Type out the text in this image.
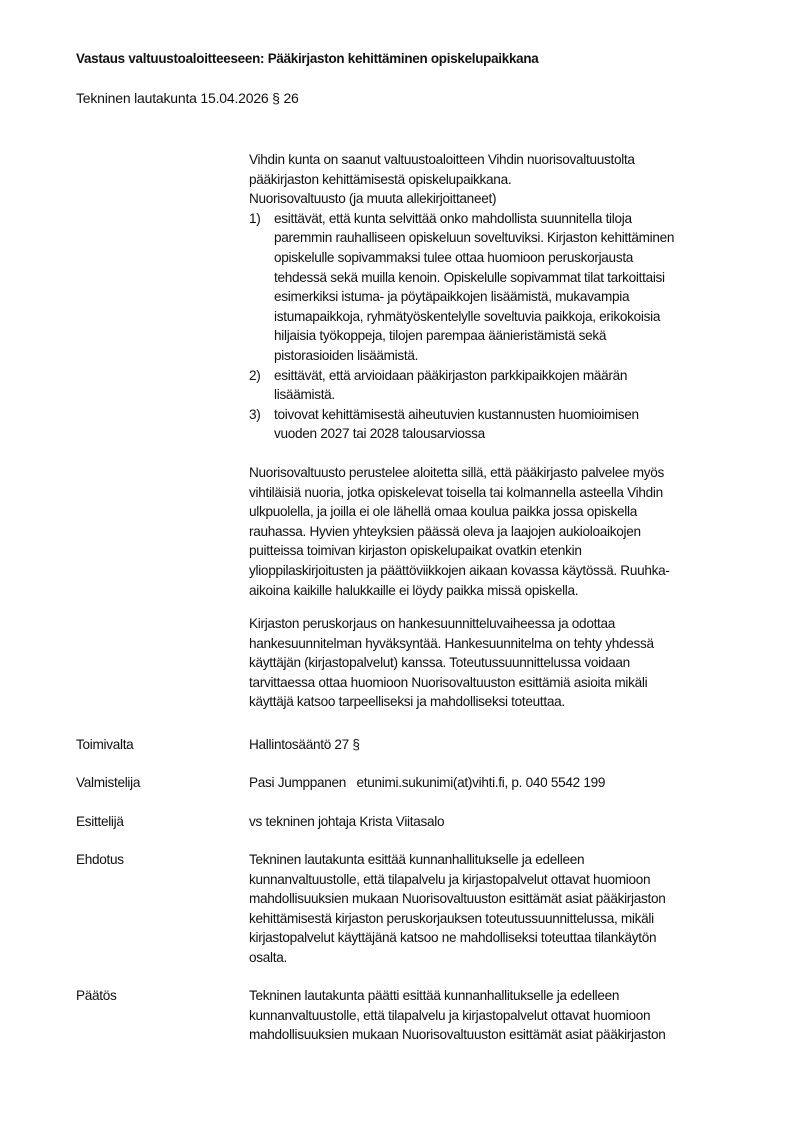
Vastaus valtuustoaloitteeseen: Pääkirjaston kehittäminen opiskelupaikkana
Tekninen lautakunta 15.04.2026 § 26
Vihdin kunta on saanut valtuustoaloitteen Vihdin nuorisovaltuustolta
pääkirjaston kehittämisestä opiskelupaikkana.
Nuorisovaltuusto (ja muuta allekirjoittaneet)
1) esittävät, että kunta selvittää onko mahdollista suunnitella tiloja
paremmin rauhalliseen opiskeluun soveltuviksi. Kirjaston kehittäminen
opiskelulle sopivammaksi tulee ottaa huomioon peruskorjausta
tehdessä sekä muilla kenoin. Opiskelulle sopivammat tilat tarkoittaisi
esimerkiksi istuma- ja pöytäpaikkojen lisäämistä, mukavampia
istumapaikkoja, ryhmätyöskentelylle soveltuvia paikkoja, erikokoisia
hiljaisia työkoppeja, tilojen parempaa äänieristämistä sekä
pistorasioiden lisäämistä.
2) esittävät, että arvioidaan pääkirjaston parkkipaikkojen määrän
lisäämistä.
3) toivovat kehittämisestä aiheutuvien kustannusten huomioimisen
vuoden 2027 tai 2028 talousarviossa
Nuorisovaltuusto perustelee aloitetta sillä, että pääkirjasto palvelee myös
vihtiläisiä nuoria, jotka opiskelevat toisella tai kolmannella asteella Vihdin
ulkpuolella, ja joilla ei ole lähellä omaa koulua paikka jossa opiskella
rauhassa. Hyvien yhteyksien päässä oleva ja laajojen aukioloaikojen
puitteissa toimivan kirjaston opiskelupaikat ovatkin etenkin
ylioppilaskirjoitusten ja päättöviikkojen aikaan kovassa käytössä. Ruuhka-
aikoina kaikille halukkaille ei löydy paikka missä opiskella.
Kirjaston peruskorjaus on hankesuunnitteluvaiheessa ja odottaa
hankesuunnitelman hyväksyntää. Hankesuunnitelma on tehty yhdessä
käyttäjän (kirjastopalvelut) kanssa. Toteutussuunnittelussa voidaan
tarvittaessa ottaa huomioon Nuorisovaltuuston esittämiä asioita mikäli
käyttäjä katsoo tarpeelliseksi ja mahdolliseksi toteuttaa.
Toimivalta	Hallintosääntö 27 §
Valmistelija	Pasi Jumppanen   etunimi.sukunimi(at)vihti.fi, p. 040 5542 199
Esittelijä	vs tekninen johtaja Krista Viitasalo
Ehdotus	Tekninen lautakunta esittää kunnanhallitukselle ja edelleen
kunnanvaltuustolle, että tilapalvelu ja kirjastopalvelut ottavat huomioon
mahdollisuuksien mukaan Nuorisovaltuuston esittämät asiat pääkirjaston
kehittämisestä kirjaston peruskorjauksen toteutussuunnittelussa, mikäli
kirjastopalvelut käyttäjänä katsoo ne mahdolliseksi toteuttaa tilankäytön
osalta.
Päätös	Tekninen lautakunta päätti esittää kunnanhallitukselle ja edelleen
kunnanvaltuustolle, että tilapalvelu ja kirjastopalvelut ottavat huomioon
mahdollisuuksien mukaan Nuorisovaltuuston esittämät asiat pääkirjaston
